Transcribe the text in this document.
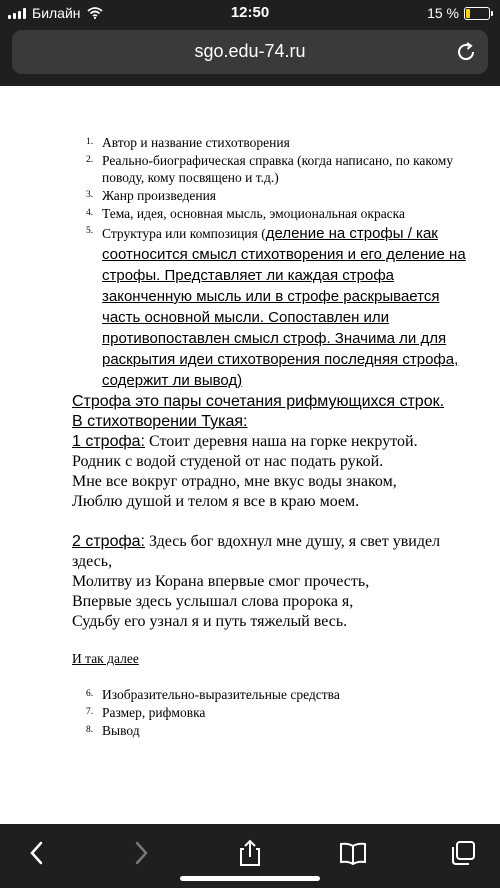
Билайн	12:50	15 %
sgo.edu-74.ru
1. Автор и название стихотворения
2. Реально-биографическая справка (когда написано, по какому поводу, кому посвящено и т.д.)
3. Жанр произведения
4. Тема, идея, основная мысль, эмоциональная окраска
5. Структура или композиция (деление на строфы / как соотносится смысл стихотворения и его деление на строфы. Представляет ли каждая строфа законченную мысль или в строфе раскрывается часть основной мысли. Сопоставлен или противопоставлен смысл строф. Значима ли для раскрытия идеи стихотворения последняя строфа, содержит ли вывод)
Строфа это пары сочетания рифмующихся строк.
В стихотворении Тукая:
1 строфа: Стоит деревня наша на горке некрутой.
Родник с водой студеной от нас подать рукой.
Мне все вокруг отрадно, мне вкус воды знаком,
Люблю душой и телом я все в краю моем.
2 строфа: Здесь бог вдохнул мне душу, я свет увидел здесь,
Молитву из Корана впервые смог прочесть,
Впервые здесь услышал слова пророка я,
Судьбу его узнал я и путь тяжелый весь.
И так далее
6. Изобразительно-выразительные средства
7. Размер, рифмовка
8. Вывод
